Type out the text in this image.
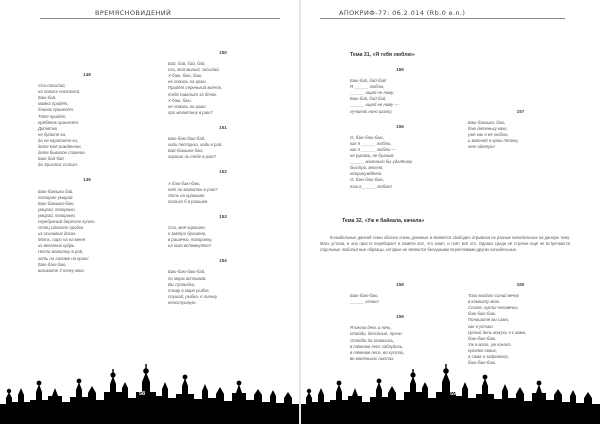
ВРЕМЯСНОВИДЕНИЙ
148
Спи-посыпай,
на полосе постелей.
Баю-бай,
мамка придёт,
блинок принесёт.
Тятя придёт,
ерёбёнок принесёт.
Дитятко
не будите-ка,
да не каратите-ка,
дитя моё рождённое,
дитя бывалое славное,
Баю-бай-бай
да Христос спасал.
149
Баю-баюшки бай,
поскорее умирай.
Баю-баюшки-баю,
умирай, похороню,
умирай, похороню,
серебряный бересте куплю.
Отец сделает гробок
из осиновых досок.
Мать, паро на на меня
из весенних кудрь.
Несли малютку в рай,
хоть на соломе на краю!
Баю-баю-баю,
возьмите 3 ночку мою.
150
Бай, бай, бай, бай,
спи, мой милый, засыпай.
У-баю, баю, баю,
не ложись на краю.
Придёт серенький волчок,
тебя схватит за бочок.
У-баю, баю,
не ложись на краю
про малютину в раю?
151
Баю-баю-баю-бай,
ходи пеструха, ходи в рай.
Бай-баюшки-баю,
хорошо ль тебе в раю?
152
А баю-баю-баю,
нет ли малютки в раю?
Хоть на краюшке,
только б в раюшке.
153
Спи, моё хорошее,
к завтра брошено,
в рашечко, похоронку,
на кого вспомнулто?
154
Баю-баю-баю-бай,
по морю всплывай.
Вы пузлыбки,
плыву в море рыбке,
спушай, рыбка, я линьку
непослушную.
58
АПОКРИФ-77: 06.2.014 (Rb.0 e.n.)
Тема 31, «Я тебя люблю»
155
Баю-бай, бай-бай!
Я ______ люблю,
______ ищей не ниму.
Баю-бай, бай-бай,
______ ищей не ниму —
лучшего ничо шилку.
156
О, баю-баю-баю,
как я ______ люблю,
как я ______ люблю —
не руками, не браним.
______ маленько бы удалёшку
быстро, весело,
непринуждённо.
О, баю-баю-баю,
так я______ люблю!
157
Баю-баюшки, баю,
баю детеньку мою,
уже как я её люблю,
и матней я крою ттону,
нет одетую!
Тема 32, «Уж я байкала, качала»
Колыбельные данной темы обычно очень длинные и являются свободно отрывком их разных колыбельных на данную тему. Мать устала, и она просто перебирает в памяти всё, что знает, и поёт всё это. Однако среди её строчки ещё не встречаются отдельные любопытные образцы, которые не являются беседными переплевами других колыбельных.
158
Баю-баю-баю,
______ качаю!
159
Я качаю день и ночь,
отойди, бессоные, прочь!
Отойди да отвались,
в тёмном лесе заблудись,
в тёмном лесе, во кустах,
во маленьких листах.
160
Тихо входит синий вечер
в комнату мою.
Спите, куклы-человечки,
баю-баю-баю.
Поношите вы сама,
как я устаю.
Целый день вожусь я с вами,
баю-баю-баю.
Уж я мала, уж качала
куколок своих,
а сама я задремала,
баю-баю-баю.
59
